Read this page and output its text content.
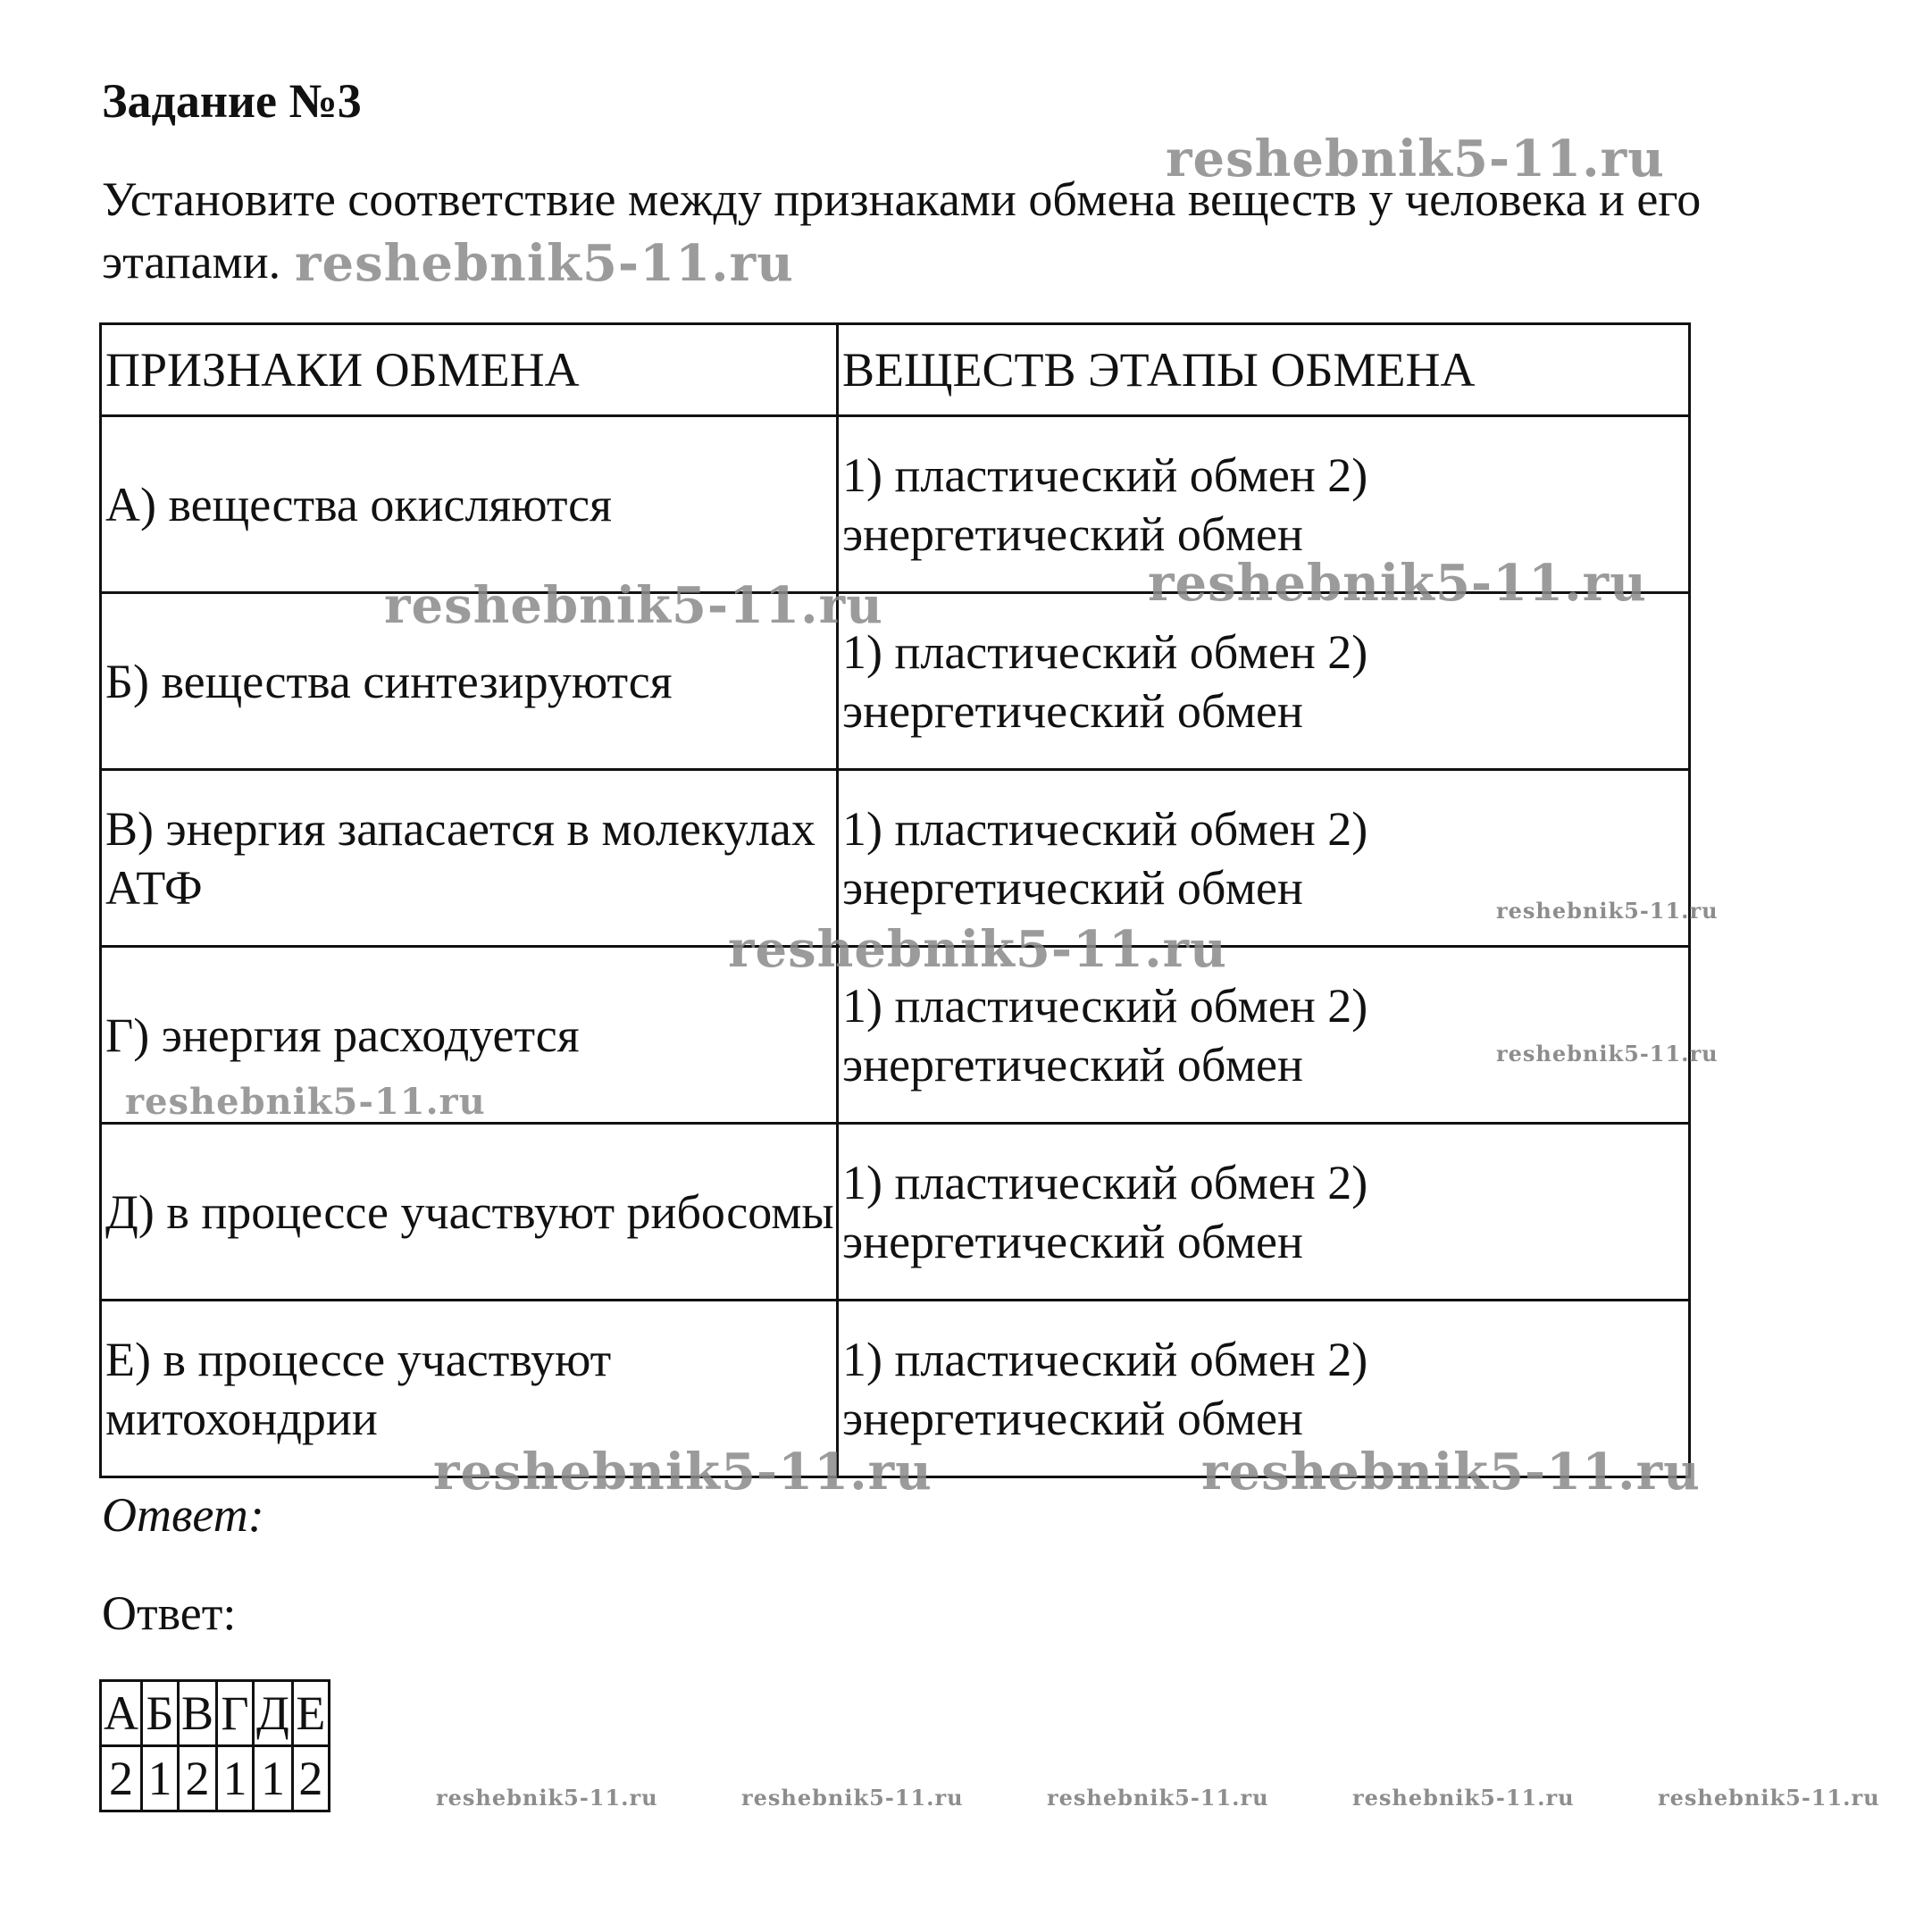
Задание №3

Установите соответствие между признаками обмена веществ у человека и его этапами.

ПРИЗНАКИ ОБМЕНА	ВЕЩЕСТВ ЭТАПЫ ОБМЕНА
А) вещества окисляются	1) пластический обмен 2) энергетический обмен
Б) вещества синтезируются	1) пластический обмен 2) энергетический обмен
В) энергия запасается в молекулах АТФ	1) пластический обмен 2) энергетический обмен
Г) энергия расходуется	1) пластический обмен 2) энергетический обмен
Д) в процессе участвуют рибосомы	1) пластический обмен 2) энергетический обмен
Е) в процессе участвуют митохондрии	1) пластический обмен 2) энергетический обмен

Ответ:

Ответ:

А	Б	В	Г	Д	Е
2	1	2	1	1	2
reshebnik5-11.ru
reshebnik5-11.ru
reshebnik5-11.ru
reshebnik5-11.ru
reshebnik5-11.ru
reshebnik5-11.ru	reshebnik5-11.ru
reshebnik5-11.ru
reshebnik5-11.ru
reshebnik5-11.ru
reshebnik5-11.ru	reshebnik5-11.ru	reshebnik5-11.ru	reshebnik5-11.ru	reshebnik5-11.ru
